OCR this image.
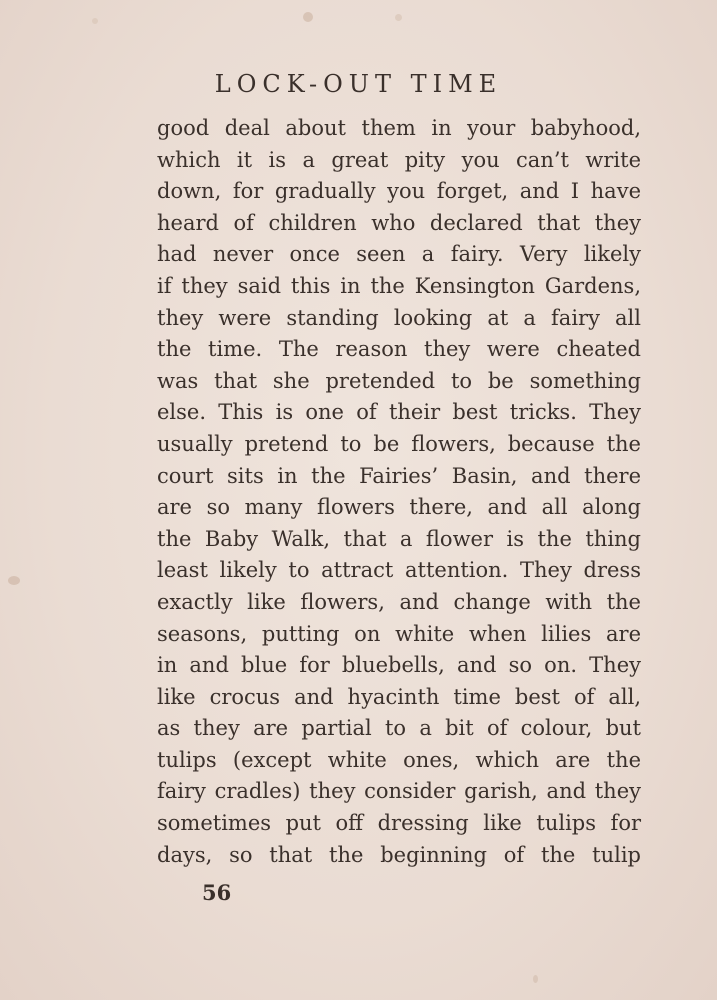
LOCK-OUT TIME
good deal about them in your babyhood,
which it is a great pity you can’t write
down, for gradually you forget, and I have
heard of children who declared that they
had never once seen a fairy. Very likely
if they said this in the Kensington Gardens,
they were standing looking at a fairy all
the time. The reason they were cheated
was that she pretended to be something
else. This is one of their best tricks. They
usually pretend to be flowers, because the
court sits in the Fairies’ Basin, and there
are so many flowers there, and all along
the Baby Walk, that a flower is the thing
least likely to attract attention. They dress
exactly like flowers, and change with the
seasons, putting on white when lilies are
in and blue for bluebells, and so on. They
like crocus and hyacinth time best of all,
as they are partial to a bit of colour, but
tulips (except white ones, which are the
fairy cradles) they consider garish, and they
sometimes put off dressing like tulips for
days, so that the beginning of the tulip
56
